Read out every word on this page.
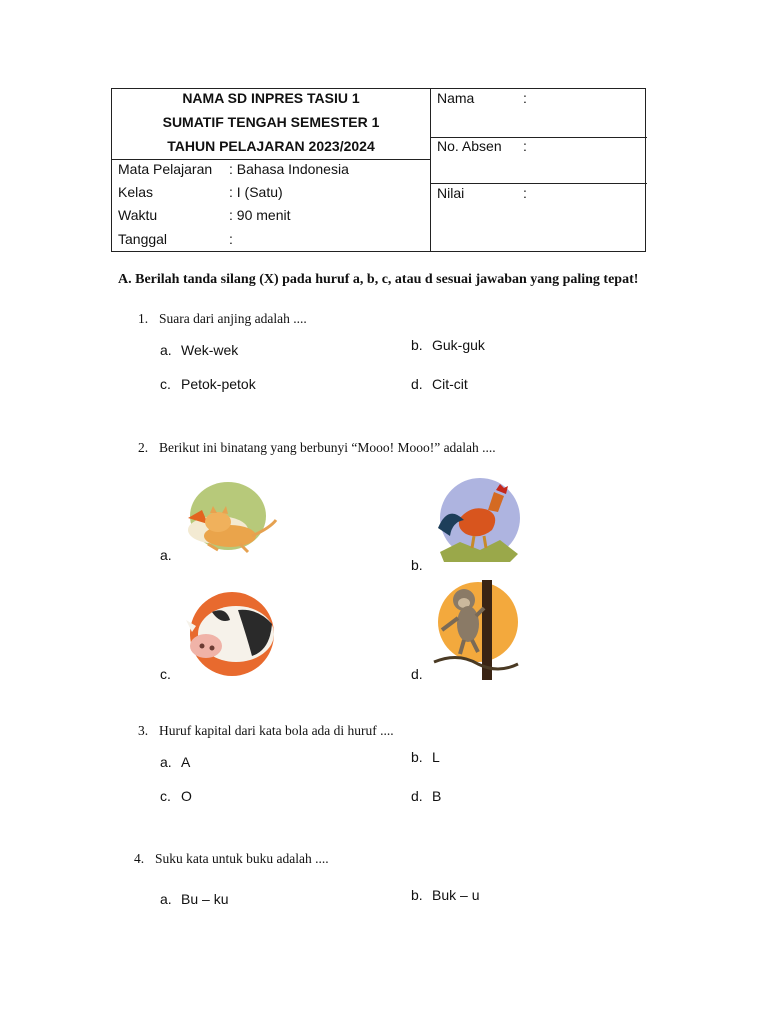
NAMA SD INPRES TASIU 1
SUMATIF TENGAH SEMESTER 1
TAHUN PELAJARAN 2023/2024
Mata Pelajaran : Bahasa Indonesia
Kelas	: I (Satu)
Waktu	: 90 menit
Tanggal	:
Nama	:
No. Absen :
Nilai	:
A. Berilah tanda silang (X) pada huruf a, b, c, atau d sesuai jawaban yang paling tepat!
1. Suara dari anjing adalah ....
a. Wek-wek	b. Guk-guk
c. Petok-petok	d. Cit-cit
2. Berikut ini binatang yang berbunyi “Mooo! Mooo!” adalah ....
a.
b.
c.	d.
3. Huruf kapital dari kata bola ada di huruf ....
a. A	b. L
c. O	d. B
4. Suku kata untuk buku adalah ....
a. Bu – ku	b. Buk – u
